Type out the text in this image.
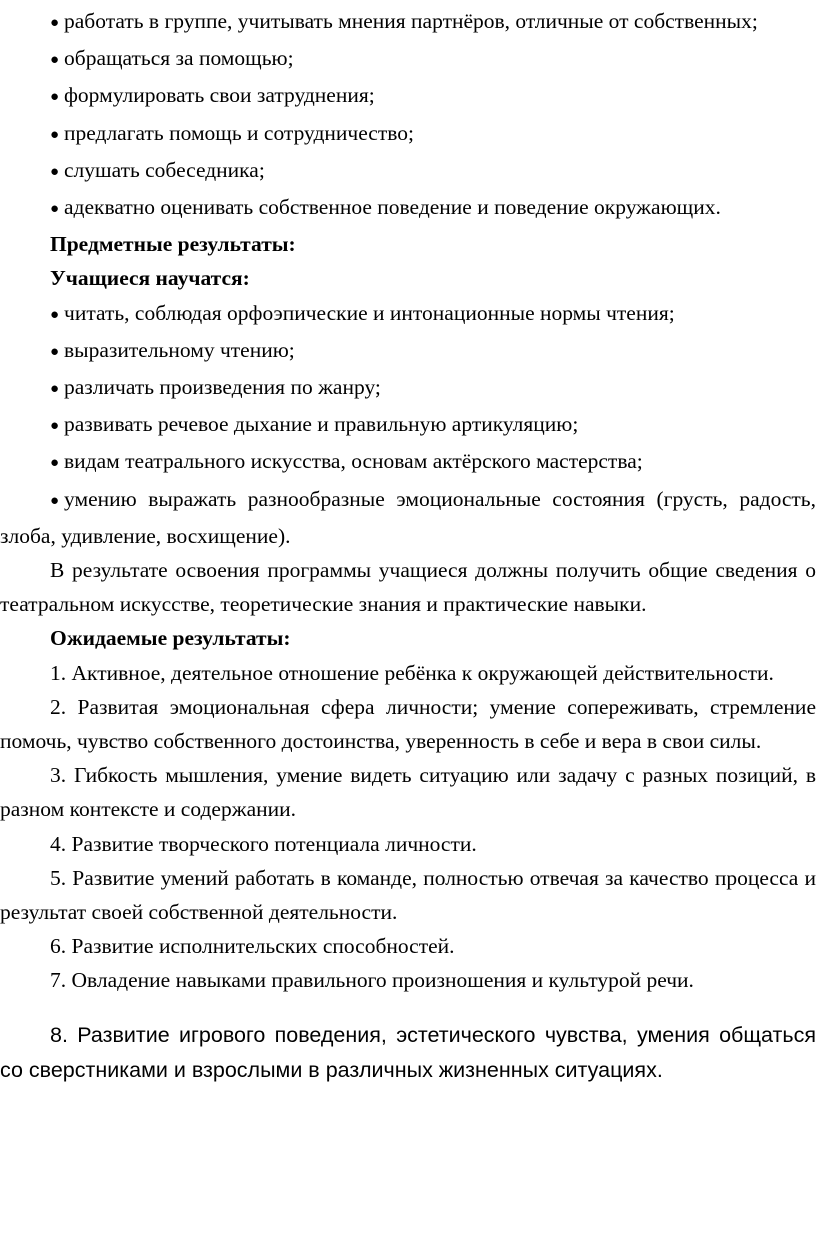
● работать в группе, учитывать мнения партнёров, отличные от собственных;

● обращаться за помощью;

● формулировать свои затруднения;

● предлагать помощь и сотрудничество;

● слушать собеседника;

● адекватно оценивать собственное поведение и поведение окружающих.

Предметные результаты:

Учащиеся научатся:

● читать, соблюдая орфоэпические и интонационные нормы чтения;

● выразительному чтению;

● различать произведения по жанру;

● развивать речевое дыхание и правильную артикуляцию;

● видам театрального искусства, основам актёрского мастерства;

● умению выражать разнообразные эмоциональные состояния (грусть, радость, злоба, удивление, восхищение).

В результате освоения программы учащиеся должны получить общие сведения о театральном искусстве, теоретические знания и практические навыки.

Ожидаемые результаты:

1. Активное, деятельное отношение ребёнка к окружающей действительности.

2. Развитая эмоциональная сфера личности; умение сопереживать, стремление помочь, чувство собственного достоинства, уверенность в себе и вера в свои силы.

3. Гибкость мышления, умение видеть ситуацию или задачу с разных позиций, в разном контексте и содержании.

4. Развитие творческого потенциала личности.

5. Развитие умений работать в команде, полностью отвечая за качество процесса и результат своей собственной деятельности.

6. Развитие исполнительских способностей.

7. Овладение навыками правильного произношения и культурой речи.

8. Развитие игрового поведения, эстетического чувства, умения общаться со сверстниками и взрослыми в различных жизненных ситуациях.
